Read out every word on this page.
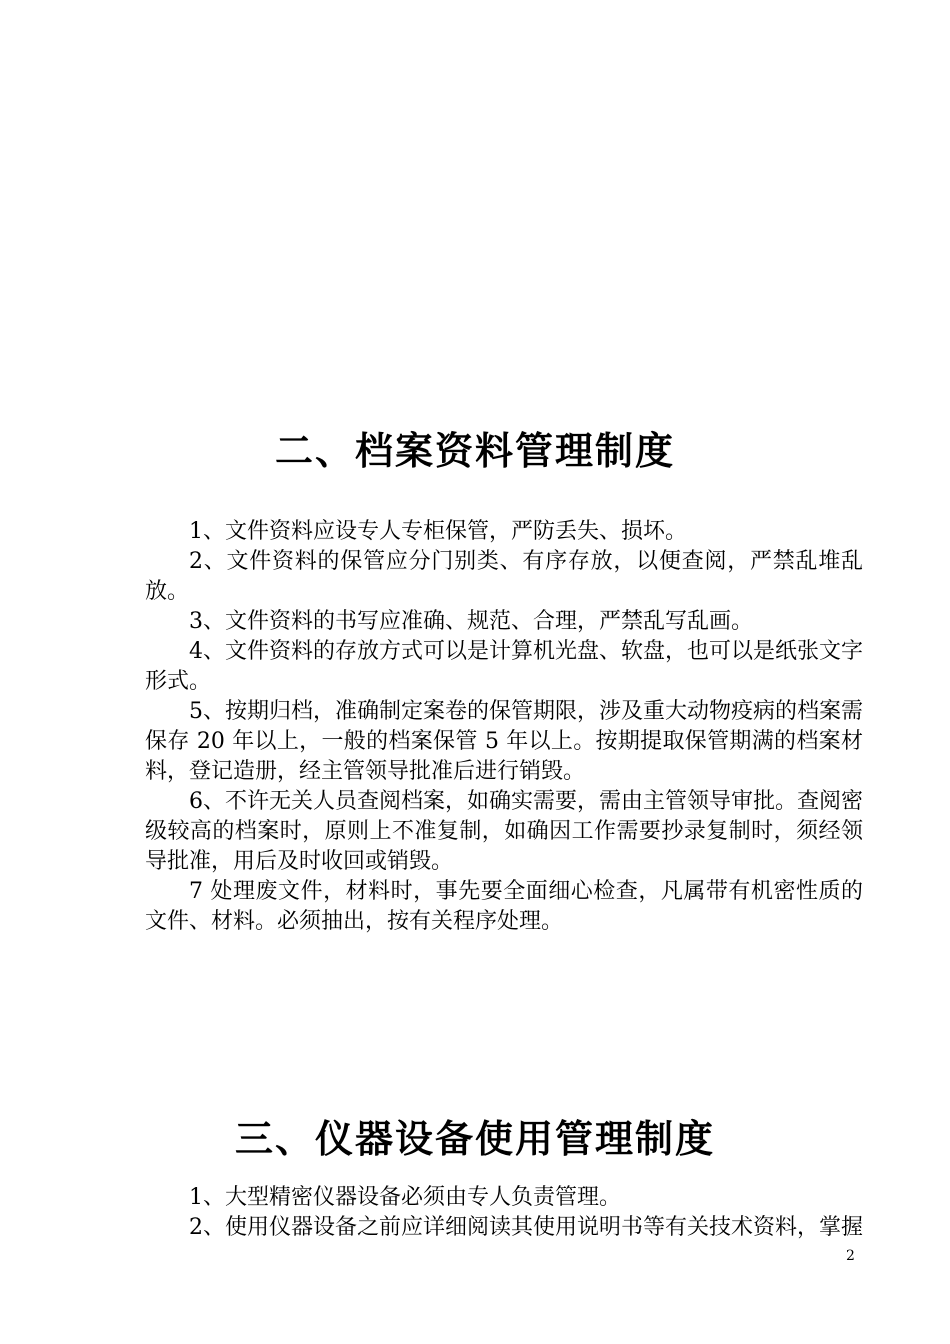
二、档案资料管理制度

1、文件资料应设专人专柜保管，严防丢失、损坏。

2、文件资料的保管应分门别类、有序存放，以便查阅，严禁乱堆乱放。

3、文件资料的书写应准确、规范、合理，严禁乱写乱画。

4、文件资料的存放方式可以是计算机光盘、软盘，也可以是纸张文字形式。

5、按期归档，准确制定案卷的保管期限，涉及重大动物疫病的档案需保存 20 年以上，一般的档案保管 5 年以上。按期提取保管期满的档案材料，登记造册，经主管领导批准后进行销毁。

6、不许无关人员查阅档案，如确实需要，需由主管领导审批。查阅密级较高的档案时，原则上不准复制，如确因工作需要抄录复制时，须经领导批准，用后及时收回或销毁。

7 处理废文件，材料时，事先要全面细心检查，凡属带有机密性质的文件、材料。必须抽出，按有关程序处理。

三、仪器设备使用管理制度

1、大型精密仪器设备必须由专人负责管理。

2、使用仪器设备之前应详细阅读其使用说明书等有关技术资料，掌握

2
